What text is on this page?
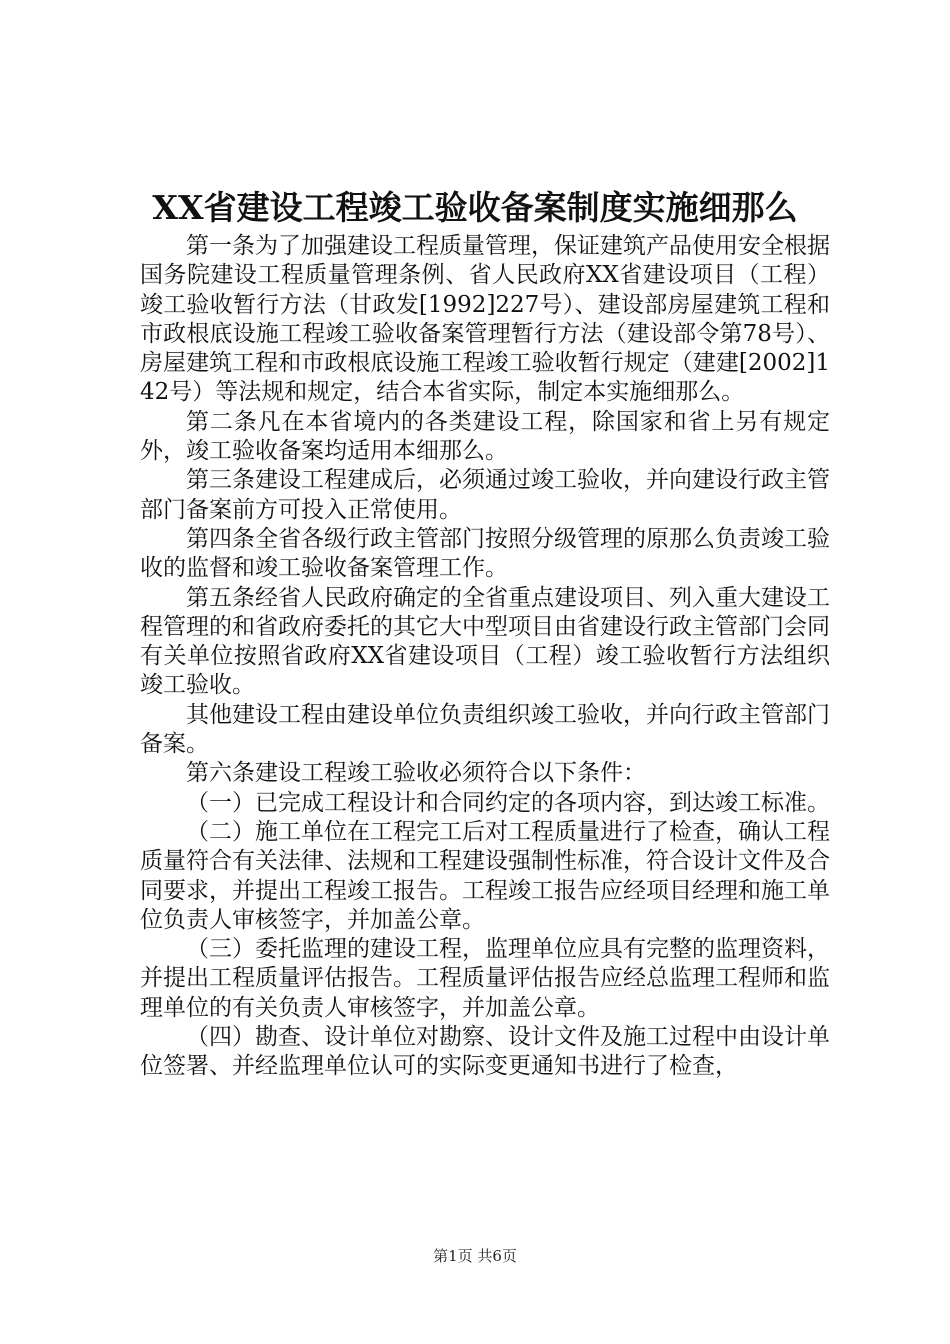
XX省建设工程竣工验收备案制度实施细那么

第一条为了加强建设工程质量管理，保证建筑产品使用安全根据国务院建设工程质量管理条例、省人民政府XX省建设项目（工程）竣工验收暂行方法（甘政发[1992]227号）、建设部房屋建筑工程和市政根底设施工程竣工验收备案管理暂行方法（建设部令第78号）、房屋建筑工程和市政根底设施工程竣工验收暂行规定（建建[2002]142号）等法规和规定，结合本省实际，制定本实施细那么。

第二条凡在本省境内的各类建设工程，除国家和省上另有规定外，竣工验收备案均适用本细那么。

第三条建设工程建成后，必须通过竣工验收，并向建设行政主管部门备案前方可投入正常使用。

第四条全省各级行政主管部门按照分级管理的原那么负责竣工验收的监督和竣工验收备案管理工作。

第五条经省人民政府确定的全省重点建设项目、列入重大建设工程管理的和省政府委托的其它大中型项目由省建设行政主管部门会同有关单位按照省政府XX省建设项目（工程）竣工验收暂行方法组织竣工验收。

其他建设工程由建设单位负责组织竣工验收，并向行政主管部门备案。

第六条建设工程竣工验收必须符合以下条件：

（一）已完成工程设计和合同约定的各项内容，到达竣工标准。

（二）施工单位在工程完工后对工程质量进行了检查，确认工程质量符合有关法律、法规和工程建设强制性标准，符合设计文件及合同要求，并提出工程竣工报告。工程竣工报告应经项目经理和施工单位负责人审核签字，并加盖公章。

（三）委托监理的建设工程，监理单位应具有完整的监理资料，并提出工程质量评估报告。工程质量评估报告应经总监理工程师和监理单位的有关负责人审核签字，并加盖公章。

（四）勘查、设计单位对勘察、设计文件及施工过程中由设计单位签署、并经监理单位认可的实际变更通知书进行了检查，

第1页 共6页
